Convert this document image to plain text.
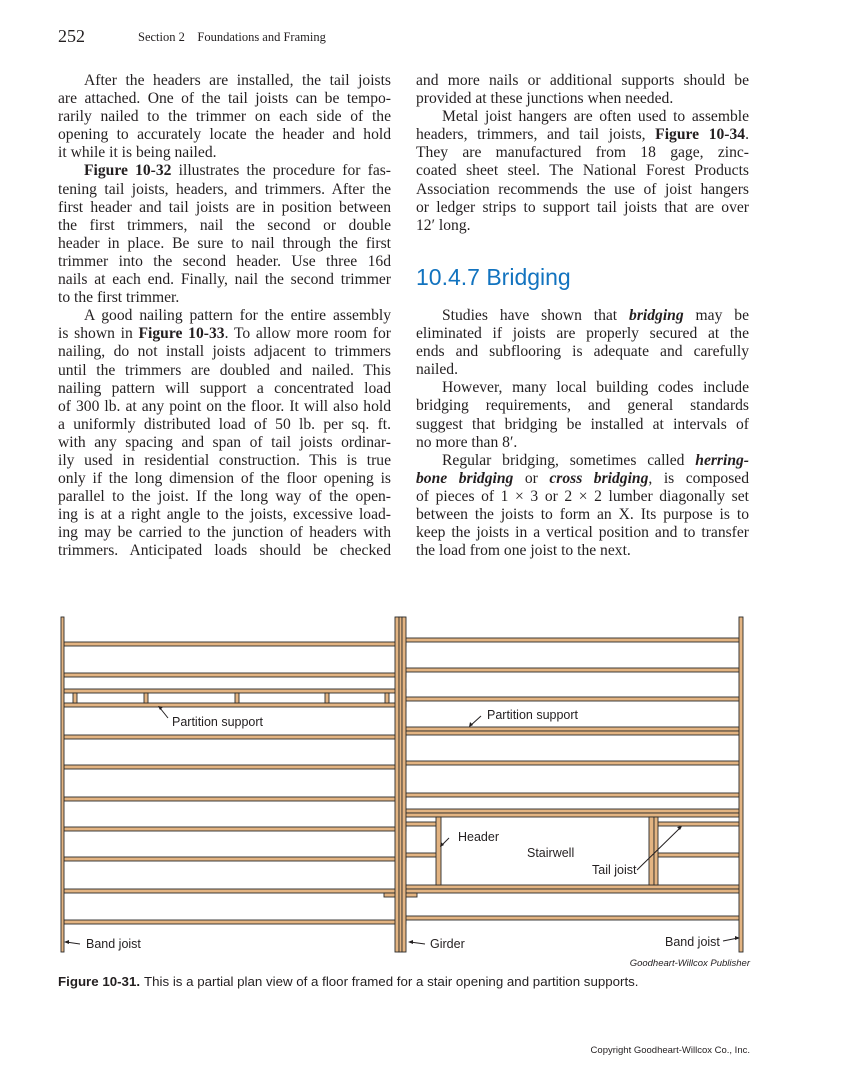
252	Section 2 Foundations and Framing
After the headers are installed, the tail joists
are attached. One of the tail joists can be tempo-
rarily nailed to the trimmer on each side of the
opening to accurately locate the header and hold
it while it is being nailed.
Figure 10-32 illustrates the procedure for fas-
tening tail joists, headers, and trimmers. After the
first header and tail joists are in position between
the first trimmers, nail the second or double
header in place. Be sure to nail through the first
trimmer into the second header. Use three 16d
nails at each end. Finally, nail the second trimmer
to the first trimmer.
A good nailing pattern for the entire assembly
is shown in Figure 10-33. To allow more room for
nailing, do not install joists adjacent to trimmers
until the trimmers are doubled and nailed. This
nailing pattern will support a concentrated load
of 300 lb. at any point on the floor. It will also hold
a uniformly distributed load of 50 lb. per sq. ft.
with any spacing and span of tail joists ordinar-
ily used in residential construction. This is true
only if the long dimension of the floor opening is
parallel to the joist. If the long way of the open-
ing is at a right angle to the joists, excessive load-
ing may be carried to the junction of headers with
trimmers. Anticipated loads should be checked
and more nails or additional supports should be
provided at these junctions when needed.
Metal joist hangers are often used to assemble
headers, trimmers, and tail joists, Figure 10-34.
They are manufactured from 18 gage, zinc-
coated sheet steel. The National Forest Products
Association recommends the use of joist hangers
or ledger strips to support tail joists that are over
12′ long.
10.4.7 Bridging
Studies have shown that bridging may be
eliminated if joists are properly secured at the
ends and subflooring is adequate and carefully
nailed.
However, many local building codes include
bridging requirements, and general standards
suggest that bridging be installed at intervals of
no more than 8′.
Regular bridging, sometimes called herring-
bone bridging or cross bridging, is composed
of pieces of 1 × 3 or 2 × 2 lumber diagonally set
between the joists to form an X. Its purpose is to
keep the joists in a vertical position and to transfer
the load from one joist to the next.
Partition support	Partition support
Header
Stairwell
Tail joist
Band joist	Girder	Band joist
Goodheart-Willcox Publisher
Figure 10-31. This is a partial plan view of a floor framed for a stair opening and partition supports.
Copyright Goodheart-Willcox Co., Inc.
